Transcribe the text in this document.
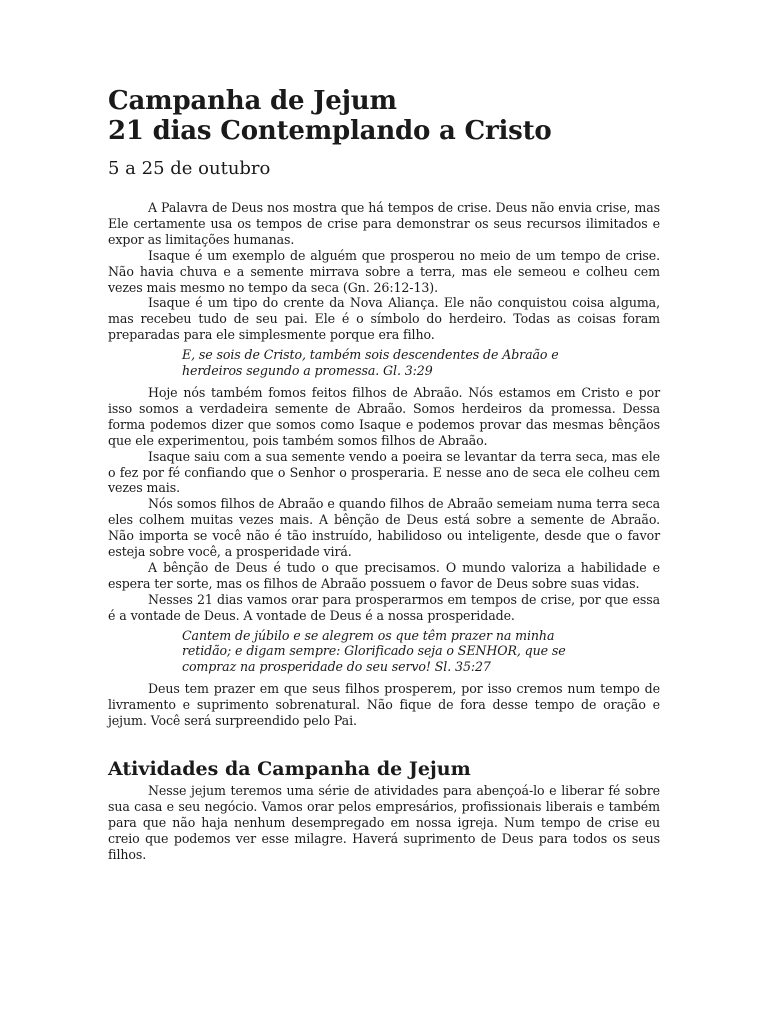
Campanha de Jejum
21 dias Contemplando a Cristo
5 a 25 de outubro

A Palavra de Deus nos mostra que há tempos de crise. Deus não envia crise, mas Ele certamente usa os tempos de crise para demonstrar os seus recursos ilimitados e expor as limitações humanas.

Isaque é um exemplo de alguém que prosperou no meio de um tempo de crise. Não havia chuva e a semente mirrava sobre a terra, mas ele semeou e colheu cem vezes mais mesmo no tempo da seca (Gn. 26:12-13).

Isaque é um tipo do crente da Nova Aliança. Ele não conquistou coisa alguma, mas recebeu tudo de seu pai. Ele é o símbolo do herdeiro. Todas as coisas foram preparadas para ele simplesmente porque era filho.

E, se sois de Cristo, também sois descendentes de Abraão e herdeiros segundo a promessa. Gl. 3:29

Hoje nós também fomos feitos filhos de Abraão. Nós estamos em Cristo e por isso somos a verdadeira semente de Abraão. Somos herdeiros da promessa. Dessa forma podemos dizer que somos como Isaque e podemos provar das mesmas bênçãos que ele experimentou, pois também somos filhos de Abraão.

Isaque saiu com a sua semente vendo a poeira se levantar da terra seca, mas ele o fez por fé confiando que o Senhor o prosperaria. E nesse ano de seca ele colheu cem vezes mais.

Nós somos filhos de Abraão e quando filhos de Abraão semeiam numa terra seca eles colhem muitas vezes mais. A bênção de Deus está sobre a semente de Abraão. Não importa se você não é tão instruído, habilidoso ou inteligente, desde que o favor esteja sobre você, a prosperidade virá.

A bênção de Deus é tudo o que precisamos. O mundo valoriza a habilidade e espera ter sorte, mas os filhos de Abraão possuem o favor de Deus sobre suas vidas.

Nesses 21 dias vamos orar para prosperarmos em tempos de crise, por que essa é a vontade de Deus. A vontade de Deus é a nossa prosperidade.

Cantem de júbilo e se alegrem os que têm prazer na minha retidão; e digam sempre: Glorificado seja o SENHOR, que se compraz na prosperidade do seu servo! Sl. 35:27

Deus tem prazer em que seus filhos prosperem, por isso cremos num tempo de livramento e suprimento sobrenatural. Não fique de fora desse tempo de oração e jejum. Você será surpreendido pelo Pai.

Atividades da Campanha de Jejum

Nesse jejum teremos uma série de atividades para abençoá-lo e liberar fé sobre sua casa e seu negócio. Vamos orar pelos empresários, profissionais liberais e também para que não haja nenhum desempregado em nossa igreja. Num tempo de crise eu creio que podemos ver esse milagre. Haverá suprimento de Deus para todos os seus filhos.
